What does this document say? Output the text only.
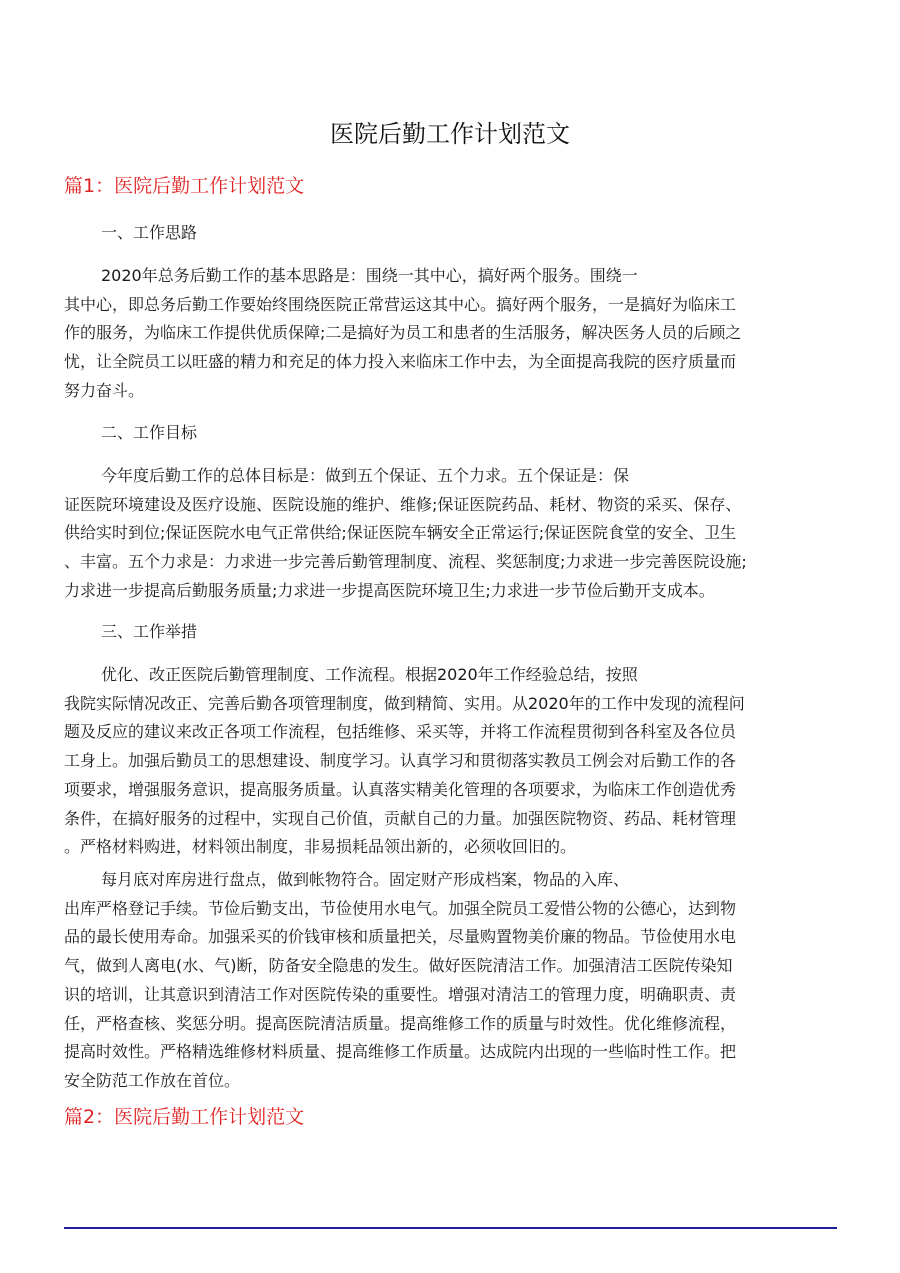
医院后勤工作计划范文
篇1：医院后勤工作计划范文
一、工作思路

2020年总务后勤工作的基本思路是：围绕一其中心，搞好两个服务。围绕一
其中心，即总务后勤工作要始终围绕医院正常营运这其中心。搞好两个服务，一是搞好为临床工
作的服务，为临床工作提供优质保障;二是搞好为员工和患者的生活服务，解决医务人员的后顾之
忧，让全院员工以旺盛的精力和充足的体力投入来临床工作中去，为全面提高我院的医疗质量而
努力奋斗。

二、工作目标

今年度后勤工作的总体目标是：做到五个保证、五个力求。五个保证是：保
证医院环境建设及医疗设施、医院设施的维护、维修;保证医院药品、耗材、物资的采买、保存、
供给实时到位;保证医院水电气正常供给;保证医院车辆安全正常运行;保证医院食堂的安全、卫生
、丰富。五个力求是：力求进一步完善后勤管理制度、流程、奖惩制度;力求进一步完善医院设施;
力求进一步提高后勤服务质量;力求进一步提高医院环境卫生;力求进一步节俭后勤开支成本。

三、工作举措

优化、改正医院后勤管理制度、工作流程。根据2020年工作经验总结，按照
我院实际情况改正、完善后勤各项管理制度，做到精简、实用。从2020年的工作中发现的流程问
题及反应的建议来改正各项工作流程，包括维修、采买等，并将工作流程贯彻到各科室及各位员
工身上。加强后勤员工的思想建设、制度学习。认真学习和贯彻落实教员工例会对后勤工作的各
项要求，增强服务意识，提高服务质量。认真落实精美化管理的各项要求，为临床工作创造优秀
条件，在搞好服务的过程中，实现自己价值，贡献自己的力量。加强医院物资、药品、耗材管理
。严格材料购进，材料领出制度，非易损耗品领出新的，必须收回旧的。

每月底对库房进行盘点，做到帐物符合。固定财产形成档案，物品的入库、
出库严格登记手续。节俭后勤支出，节俭使用水电气。加强全院员工爱惜公物的公德心，达到物
品的最长使用寿命。加强采买的价钱审核和质量把关，尽量购置物美价廉的物品。节俭使用水电
气，做到人离电(水、气)断，防备安全隐患的发生。做好医院清洁工作。加强清洁工医院传染知
识的培训，让其意识到清洁工作对医院传染的重要性。增强对清洁工的管理力度，明确职责、责
任，严格查核、奖惩分明。提高医院清洁质量。提高维修工作的质量与时效性。优化维修流程，
提高时效性。严格精选维修材料质量、提高维修工作质量。达成院内出现的一些临时性工作。把
安全防范工作放在首位。

篇2：医院后勤工作计划范文
